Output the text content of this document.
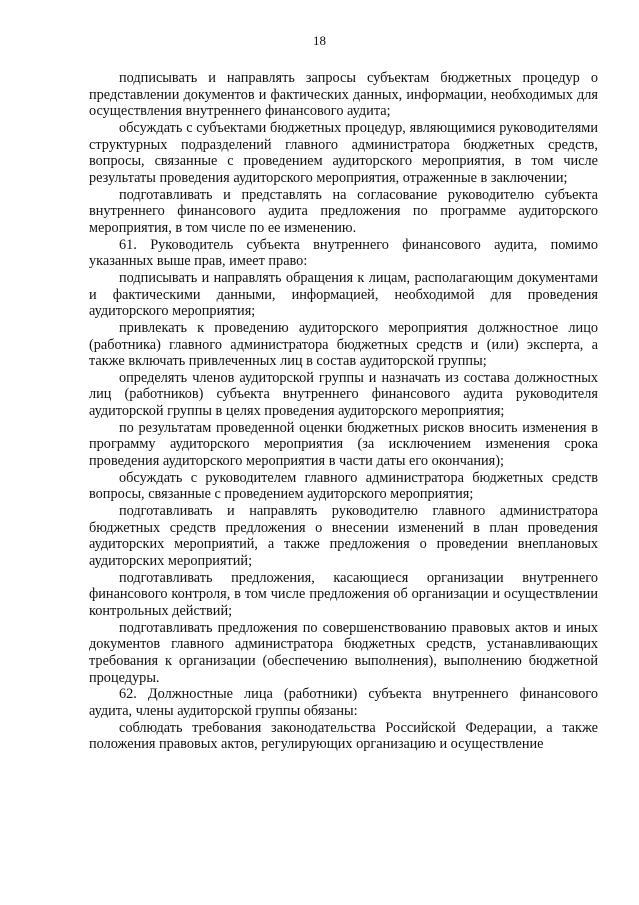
18

подписывать и направлять запросы субъектам бюджетных процедур о представлении документов и фактических данных, информации, необходимых для осуществления внутреннего финансового аудита;

обсуждать с субъектами бюджетных процедур, являющимися руководителями структурных подразделений главного администратора бюджетных средств, вопросы, связанные с проведением аудиторского мероприятия, в том числе результаты проведения аудиторского мероприятия, отраженные в заключении;

подготавливать и представлять на согласование руководителю субъекта внутреннего финансового аудита предложения по программе аудиторского мероприятия, в том числе по ее изменению.

61. Руководитель субъекта внутреннего финансового аудита, помимо указанных выше прав, имеет право:

подписывать и направлять обращения к лицам, располагающим документами и фактическими данными, информацией, необходимой для проведения аудиторского мероприятия;

привлекать к проведению аудиторского мероприятия должностное лицо (работника) главного администратора бюджетных средств и (или) эксперта, а также включать привлеченных лиц в состав аудиторской группы;

определять членов аудиторской группы и назначать из состава должностных лиц (работников) субъекта внутреннего финансового аудита руководителя аудиторской группы в целях проведения аудиторского мероприятия;

по результатам проведенной оценки бюджетных рисков вносить изменения в программу аудиторского мероприятия (за исключением изменения срока проведения аудиторского мероприятия в части даты его окончания);

обсуждать с руководителем главного администратора бюджетных средств вопросы, связанные с проведением аудиторского мероприятия;

подготавливать и направлять руководителю главного администратора бюджетных средств предложения о внесении изменений в план проведения аудиторских мероприятий, а также предложения о проведении внеплановых аудиторских мероприятий;

подготавливать предложения, касающиеся организации внутреннего финансового контроля, в том числе предложения об организации и осуществлении контрольных действий;

подготавливать предложения по совершенствованию правовых актов и иных документов главного администратора бюджетных средств, устанавливающих требования к организации (обеспечению выполнения), выполнению бюджетной процедуры.

62. Должностные лица (работники) субъекта внутреннего финансового аудита, члены аудиторской группы обязаны:

соблюдать требования законодательства Российской Федерации, а также положения правовых актов, регулирующих организацию и осуществление
